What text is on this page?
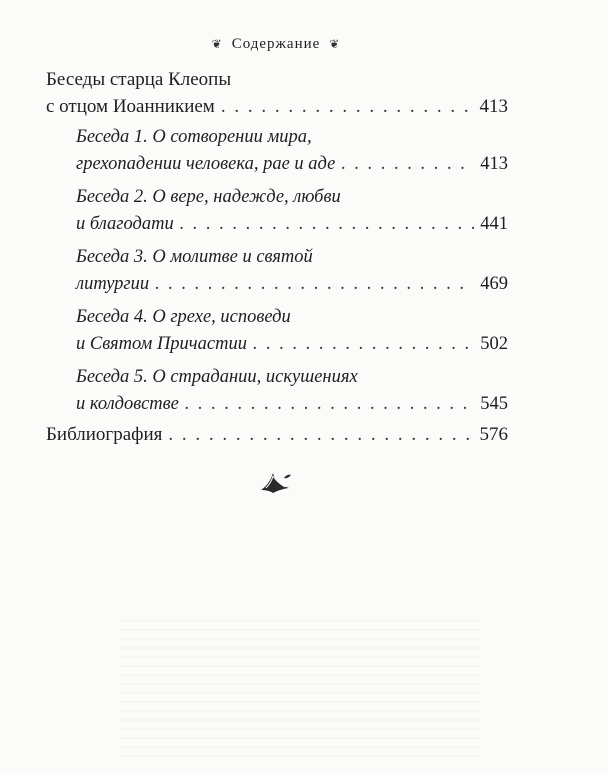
❦ Содержание ❦
Беседы старца Клеопы
с отцом Иоанникием . . .	413
Беседа 1. О сотворении мира,
грехопадении человека, рае и аде . . .	413
Беседа 2. О вере, надежде, любви
и благодати . . .	441
Беседа 3. О молитве и святой
литургии . . .	469
Беседа 4. О грехе, исповеди
и Святом Причастии . . .	502
Беседа 5. О страдании, искушениях
и колдовстве . . .	545
Библиография . . .	576
